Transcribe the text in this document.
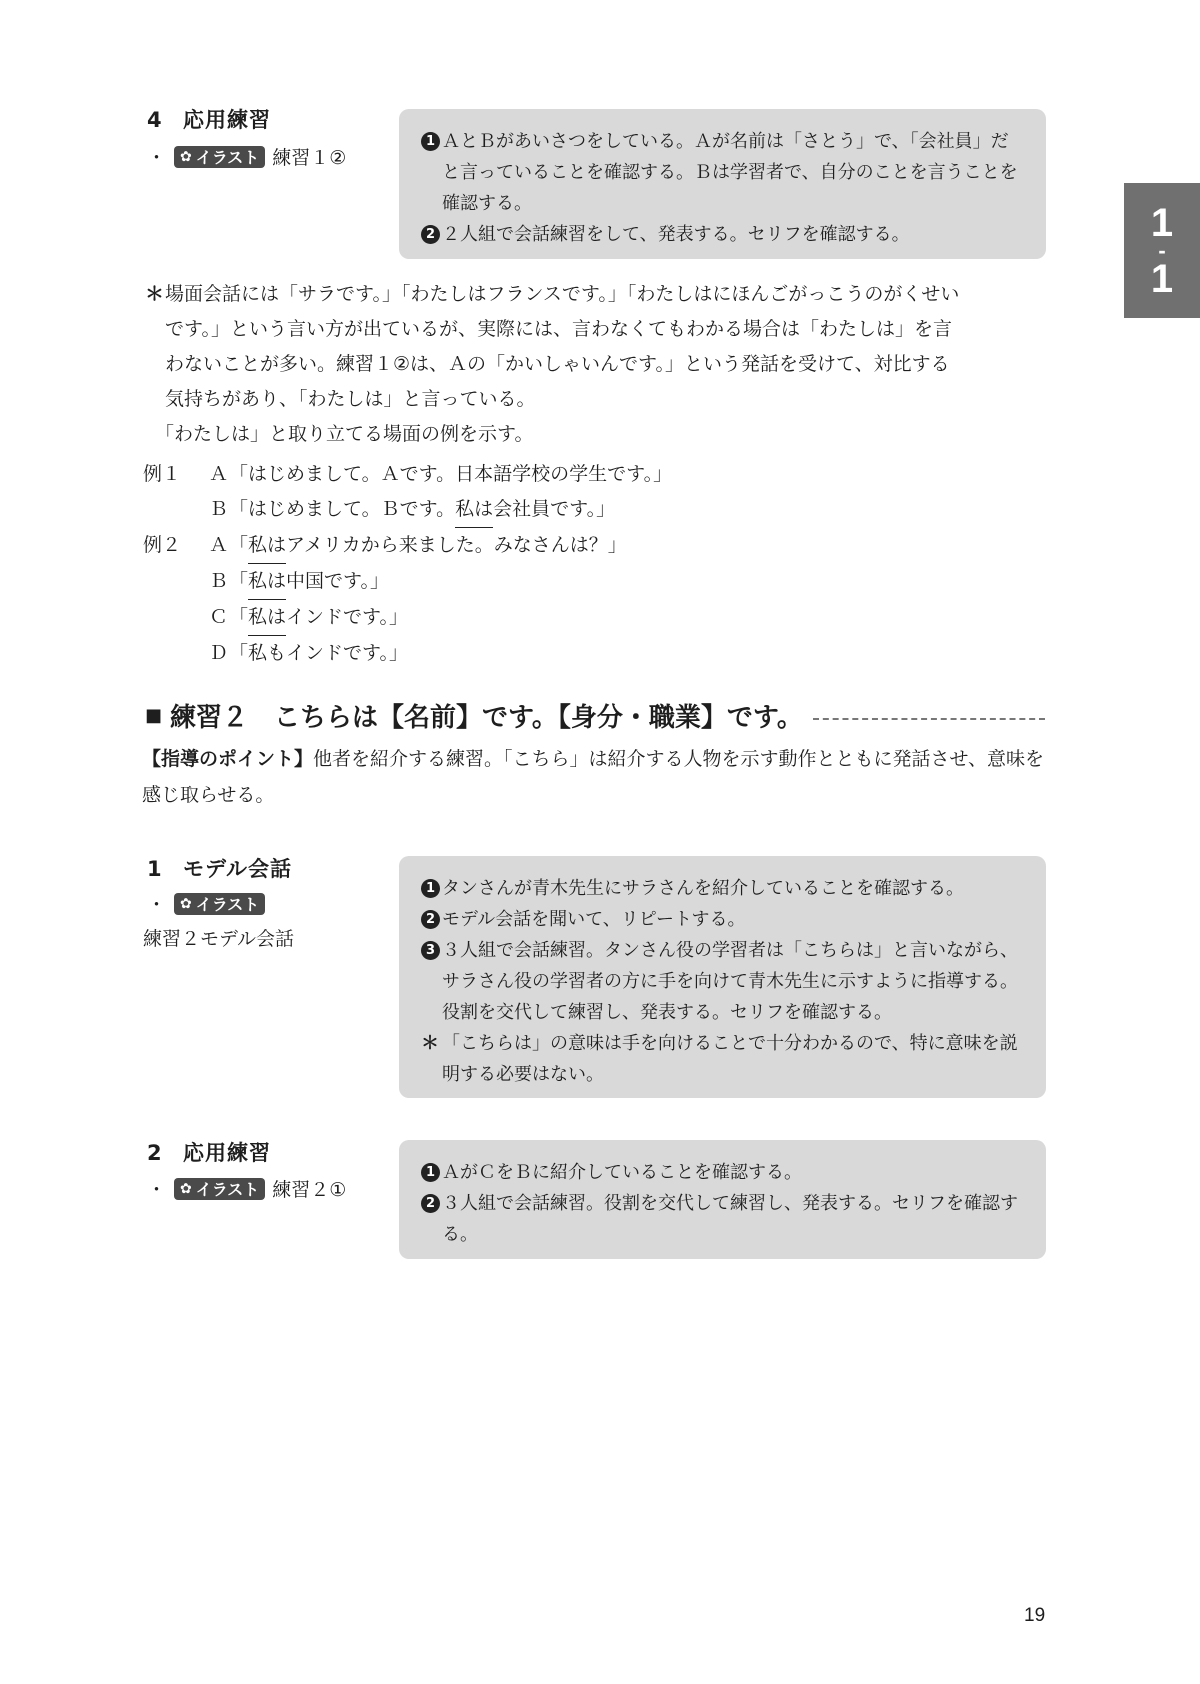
1
-
1
4 応用練習
・ ✿ イラスト 練習１②
1 ＡとＢがあいさつをしている。Ａが名前は「さとう」で、「会社員」だと言っていることを確認する。Ｂは学習者で、自分のことを言うことを確認する。
2 ２人組で会話練習をして、発表する。セリフを確認する。
＊ 場面会話には「サラです。」「わたしはフランスです。」「わたしはにほんごがっこうのがくせい
です。」という言い方が出ているが、実際には、言わなくてもわかる場合は「わたしは」を言
わないことが多い。練習１②は、Ａの「かいしゃいんです。」という発話を受けて、対比する
気持ちがあり、「わたしは」と言っている。
「わたしは」と取り立てる場面の例を示す。
例１	Ａ 「はじめまして。Ａです。日本語学校の学生です。」
Ｂ 「はじめまして。Ｂです。 私は 会社員です。」
例２	Ａ 「 私は アメリカから来ました。みなさんは？」
Ｂ 「 私は 中国です。」
Ｃ 「 私は インドです。」
Ｄ 「私もインドです。」
■ 練習２　こちらは【名前】です。【身分・職業】です。
【指導のポイント】他者を紹介する練習。「こちら」は紹介する人物を示す動作とともに発話させ、意味を感じ取らせる。
1 モデル会話
・ ✿ イラスト
練習２モデル会話
1 タンさんが青木先生にサラさんを紹介していることを確認する。
2 モデル会話を聞いて、リピートする。
3 ３人組で会話練習。タンさん役の学習者は「こちらは」と言いながら、サラさん役の学習者の方に手を向けて青木先生に示すように指導する。役割を交代して練習し、発表する。セリフを確認する。
＊ 「こちらは」の意味は手を向けることで十分わかるので、特に意味を説明する必要はない。
2 応用練習
・ ✿ イラスト 練習２①
1 ＡがＣをＢに紹介していることを確認する。
2 ３人組で会話練習。役割を交代して練習し、発表する。セリフを確認する。
19
